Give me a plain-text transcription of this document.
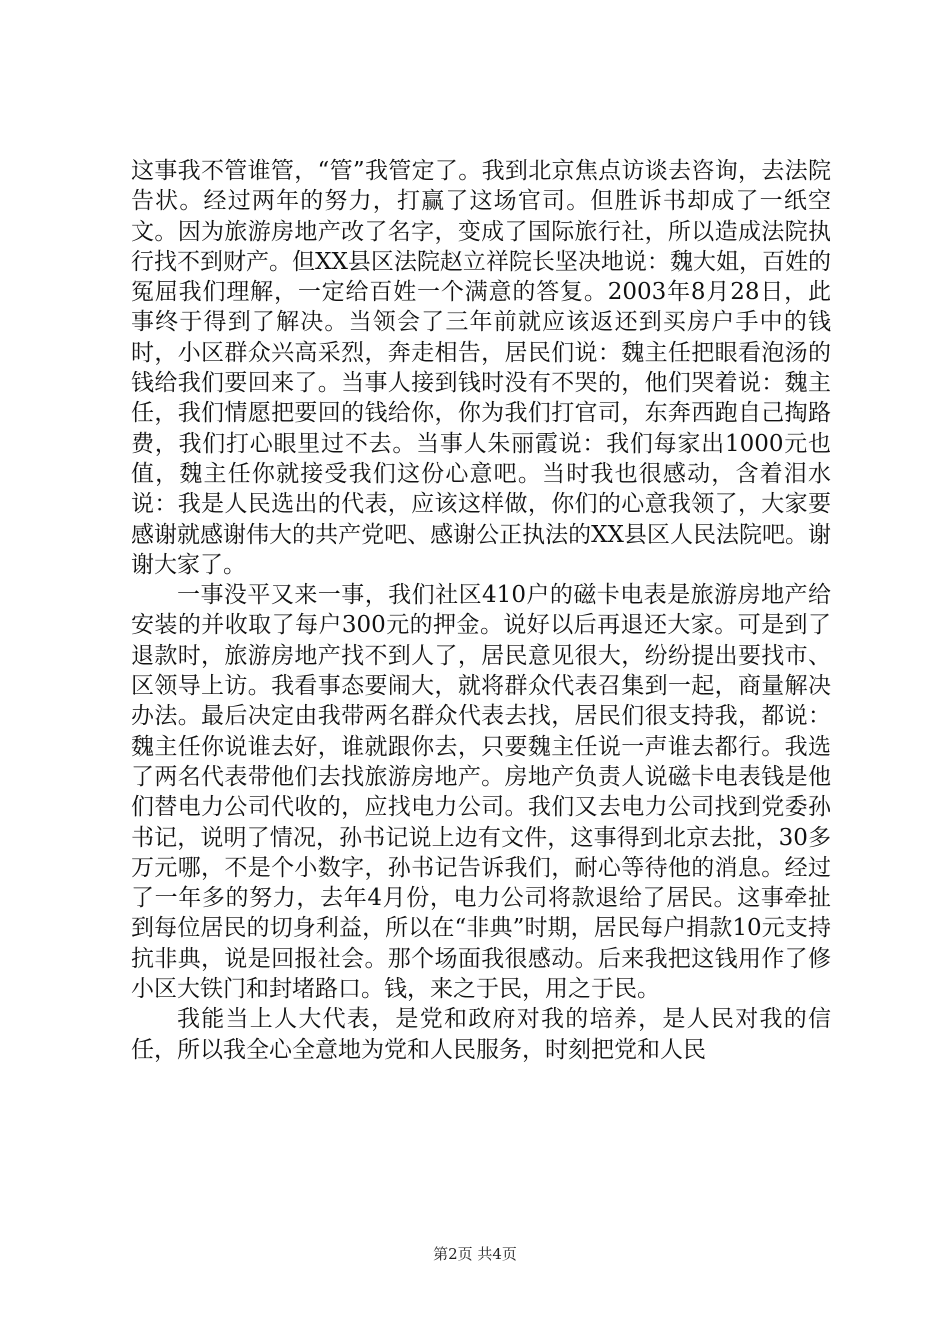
这事我不管谁管，“管”我管定了。我到北京焦点访谈去咨询，去法院告状。经过两年的努力，打赢了这场官司。但胜诉书却成了一纸空文。因为旅游房地产改了名字，变成了国际旅行社，所以造成法院执行找不到财产。但XX县区法院赵立祥院长坚决地说：魏大姐，百姓的冤屈我们理解，一定给百姓一个满意的答复。2003年8月28日，此事终于得到了解决。当领会了三年前就应该返还到买房户手中的钱时，小区群众兴高采烈，奔走相告，居民们说：魏主任把眼看泡汤的钱给我们要回来了。当事人接到钱时没有不哭的，他们哭着说：魏主任，我们情愿把要回的钱给你，你为我们打官司，东奔西跑自己掏路费，我们打心眼里过不去。当事人朱丽霞说：我们每家出1000元也值，魏主任你就接受我们这份心意吧。当时我也很感动，含着泪水说：我是人民选出的代表，应该这样做，你们的心意我领了，大家要感谢就感谢伟大的共产党吧、感谢公正执法的XX县区人民法院吧。谢谢大家了。

一事没平又来一事，我们社区410户的磁卡电表是旅游房地产给安装的并收取了每户300元的押金。说好以后再退还大家。可是到了退款时，旅游房地产找不到人了，居民意见很大，纷纷提出要找市、区领导上访。我看事态要闹大，就将群众代表召集到一起，商量解决办法。最后决定由我带两名群众代表去找，居民们很支持我，都说：魏主任你说谁去好，谁就跟你去，只要魏主任说一声谁去都行。我选了两名代表带他们去找旅游房地产。房地产负责人说磁卡电表钱是他们替电力公司代收的，应找电力公司。我们又去电力公司找到党委孙书记，说明了情况，孙书记说上边有文件，这事得到北京去批，30多万元哪，不是个小数字，孙书记告诉我们，耐心等待他的消息。经过了一年多的努力，去年4月份，电力公司将款退给了居民。这事牵扯到每位居民的切身利益，所以在“非典”时期，居民每户捐款10元支持抗非典，说是回报社会。那个场面我很感动。后来我把这钱用作了修小区大铁门和封堵路口。钱，来之于民，用之于民。

我能当上人大代表，是党和政府对我的培养，是人民对我的信任，所以我全心全意地为党和人民服务，时刻把党和人民

第2页 共4页
